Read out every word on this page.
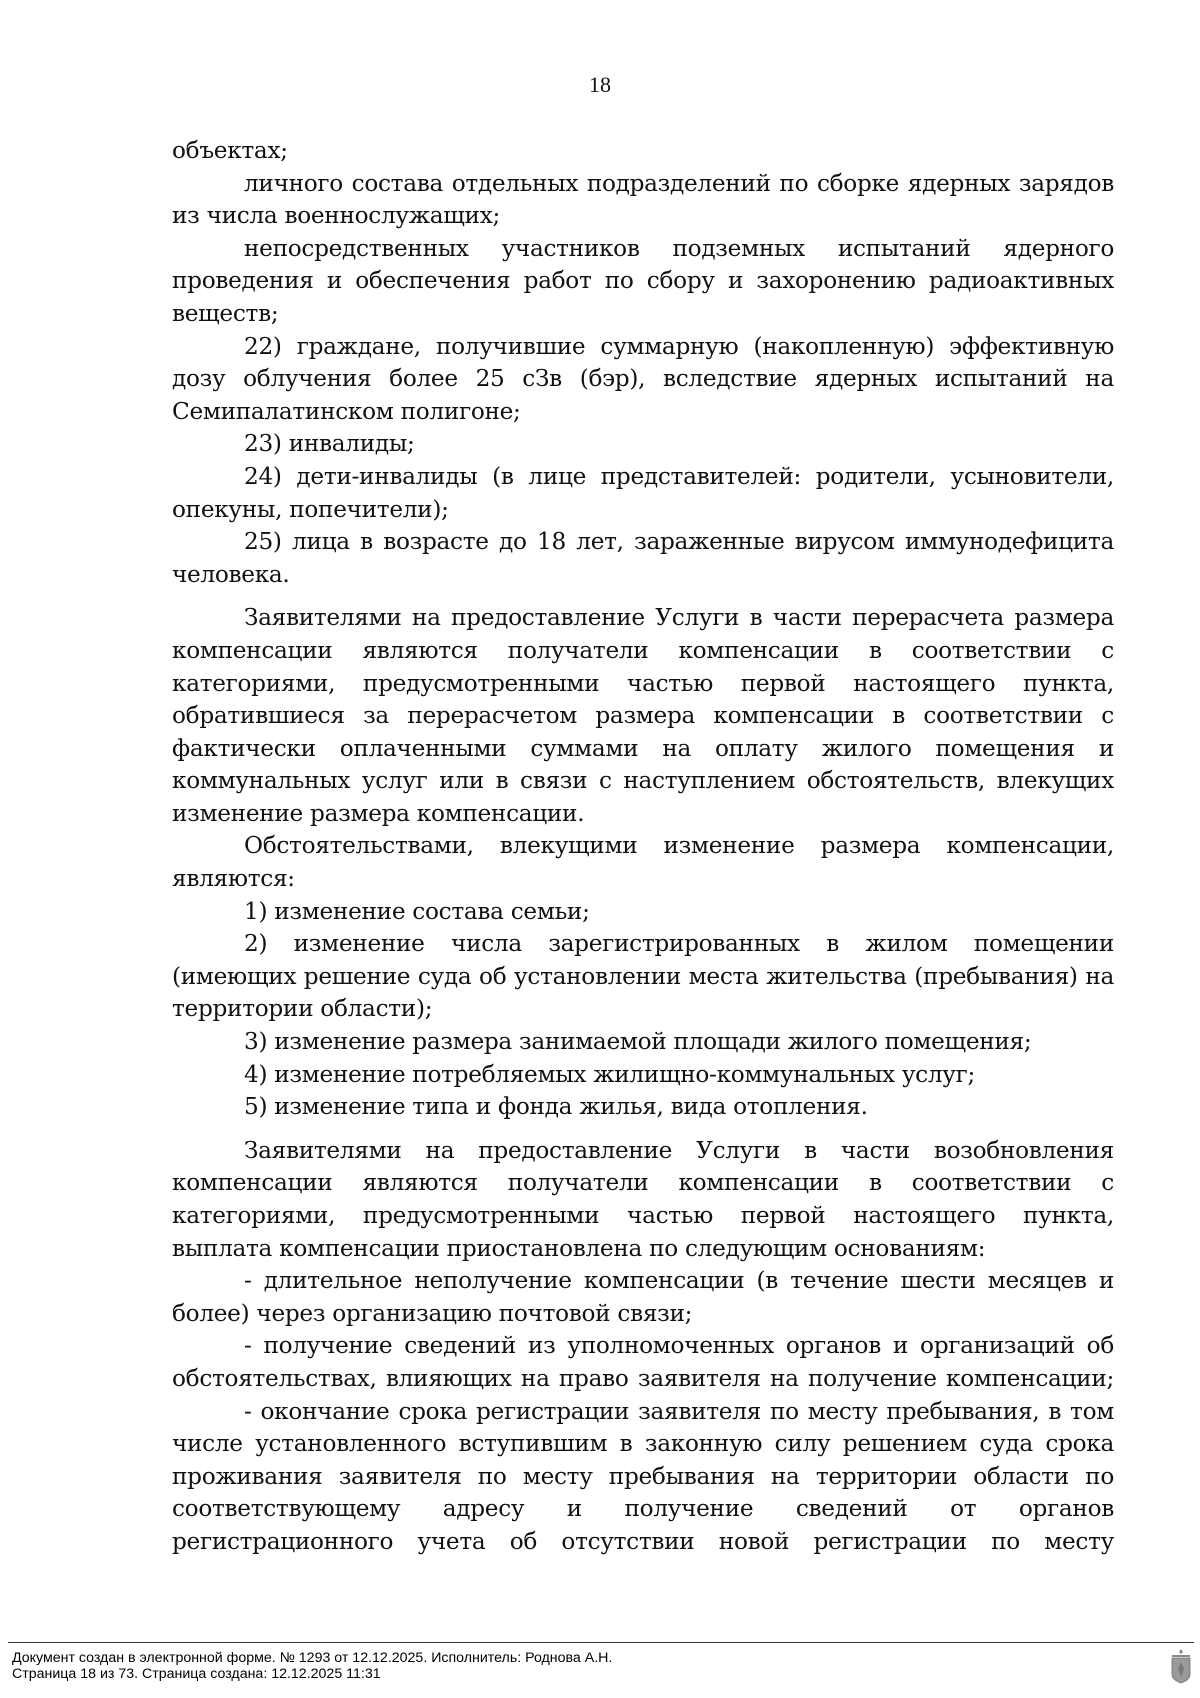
18
объектах;
личного состава отдельных подразделений по сборке ядерных зарядов
из числа военнослужащих;
непосредственных участников подземных испытаний ядерного
проведения и обеспечения работ по сбору и захоронению радиоактивных
веществ;
22) граждане, получившие суммарную (накопленную) эффективную
дозу облучения более 25 сЗв (бэр), вследствие ядерных испытаний на
Семипалатинском полигоне;
23) инвалиды;
24) дети-инвалиды (в лице представителей: родители, усыновители,
опекуны, попечители);
25) лица в возрасте до 18 лет, зараженные вирусом иммунодефицита
человека.
Заявителями на предоставление Услуги в части перерасчета размера
компенсации являются получатели компенсации в соответствии с
категориями, предусмотренными частью первой настоящего пункта,
обратившиеся за перерасчетом размера компенсации в соответствии с
фактически оплаченными суммами на оплату жилого помещения и
коммунальных услуг или в связи с наступлением обстоятельств, влекущих
изменение размера компенсации.
Обстоятельствами, влекущими изменение размера компенсации,
являются:
1) изменение состава семьи;
2) изменение числа зарегистрированных в жилом помещении
(имеющих решение суда об установлении места жительства (пребывания) на
территории области);
3) изменение размера занимаемой площади жилого помещения;
4) изменение потребляемых жилищно-коммунальных услуг;
5) изменение типа и фонда жилья, вида отопления.
Заявителями на предоставление Услуги в части возобновления
компенсации являются получатели компенсации в соответствии с
категориями, предусмотренными частью первой настоящего пункта,
выплата компенсации приостановлена по следующим основаниям:
- длительное неполучение компенсации (в течение шести месяцев и
более) через организацию почтовой связи;
- получение сведений из уполномоченных органов и организаций об
обстоятельствах, влияющих на право заявителя на получение компенсации;
- окончание срока регистрации заявителя по месту пребывания, в том
числе установленного вступившим в законную силу решением суда срока
проживания заявителя по месту пребывания на территории области по
соответствующему адресу и получение сведений от органов
регистрационного учета об отсутствии новой регистрации по месту
Документ создан в электронной форме. № 1293 от 12.12.2025. Исполнитель: Роднова А.Н.
Страница 18 из 73. Страница создана: 12.12.2025 11:31
